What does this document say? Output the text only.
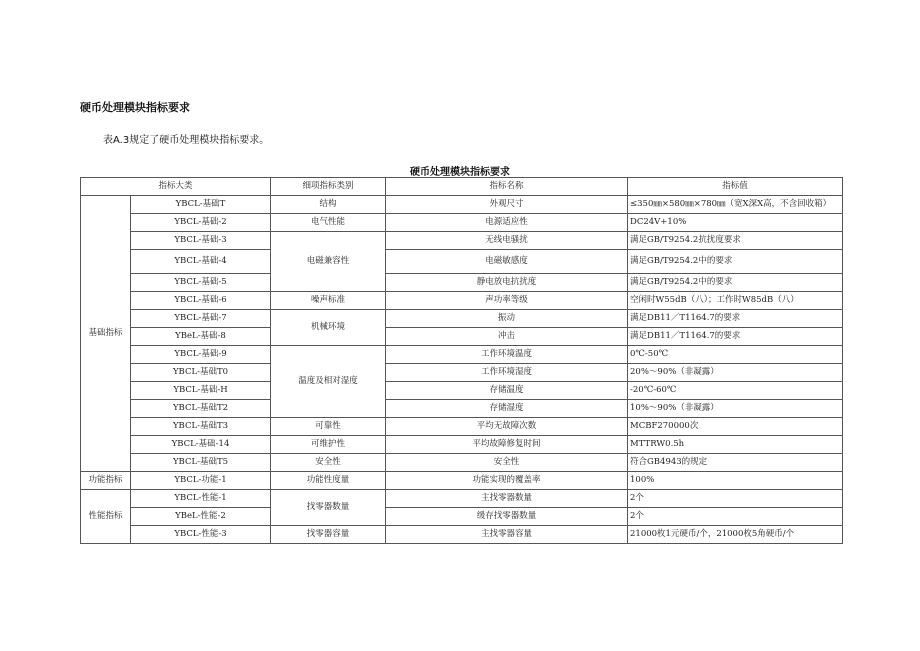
硬币处理模块指标要求
表A.3规定了硬币处理模块指标要求。
硬币处理模块指标要求
指标大类		细项指标类别	指标名称	指标值
基础指标	YBCL-基础T	结构	外观尺寸	≤350㎜×580㎜×780㎜（宽X深X高，不含回收箱）
	YBCL-基础-2	电气性能	电源适应性	DC24V+10%
	YBCL-基础-3	电磁兼容性	无线电骚扰	满足GB/T9254.2抗扰度要求
	YBCL-基础-4		电磁敏感度	满足GB/T9254.2中的要求
	YBCL-基础-5		静电放电抗扰度	满足GB/T9254.2中的要求
	YBCL-基础-6	噪声标准	声功率等级	空闲时W55dB（八）；工作时W85dB（八）
	YBCL-基础-7	机械环境	振动	满足DB11／T1164.7的要求
	YBeL-基础-8		冲击	满足DB11／T1164.7的要求
	YBCL-基础-9	温度及相对湿度	工作环境温度	0℃-50℃
	YBCL-基础T0		工作环境湿度	20%～90%（非凝露）
	YBCL-基础-H		存储温度	-20℃-60℃
	YBCL-基础T2		存储湿度	10%～90%（非凝露）
	YBCL-基础T3	可靠性	平均无故障次数	MCBF270000次
	YBCL-基础-14	可维护性	平均故障修复时间	MTTRW0.5h
	YBCL-基础T5	安全性	安全性	符合GB4943的规定
功能指标	YBCL-功能-1	功能性度量	功能实现的覆盖率	100%
性能指标	YBCL-性能-1	找零器数量	主找零器数量	2个
	YBeL-性能-2		缓存找零器数量	2个
	YBCL-性能-3	找零器容量	主找零器容量	21000枚1元硬币/个，21000枚5角硬币/个
